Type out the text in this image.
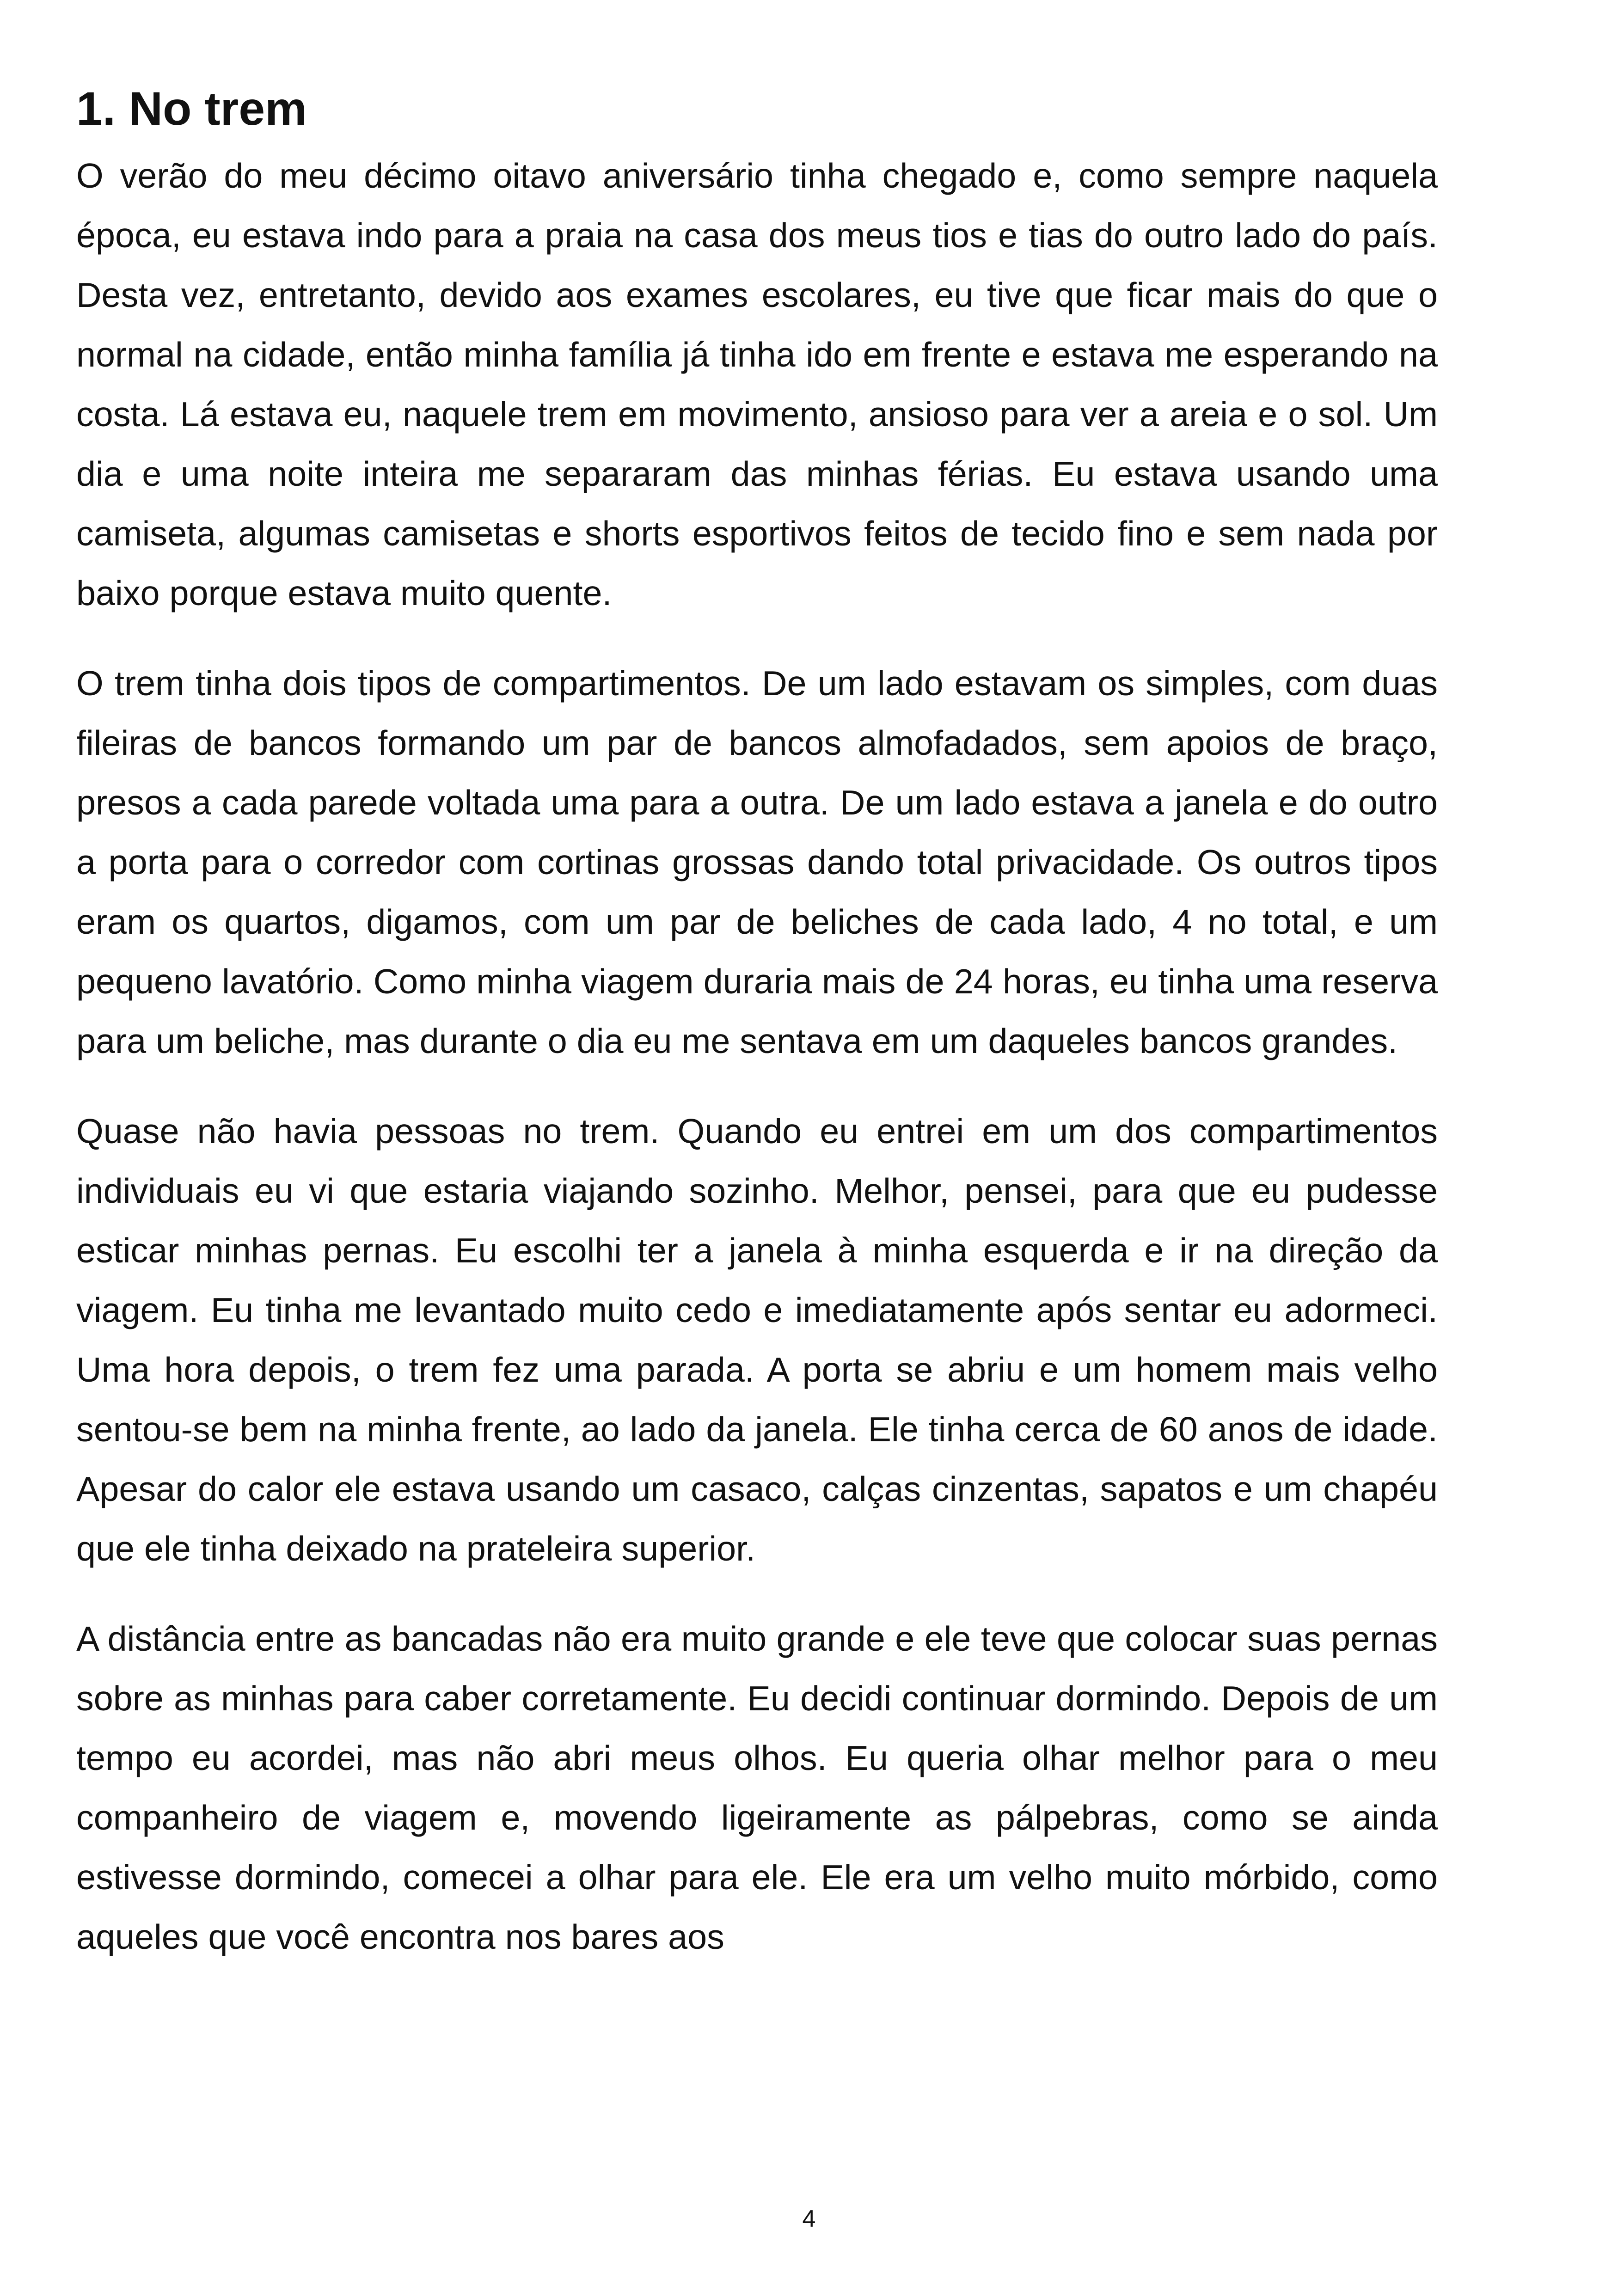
1. No trem

O verão do meu décimo oitavo aniversário tinha chegado e, como sempre naquela época, eu estava indo para a praia na casa dos meus tios e tias do outro lado do país. Desta vez, entretanto, devido aos exames escolares, eu tive que ficar mais do que o normal na cidade, então minha família já tinha ido em frente e estava me esperando na costa. Lá estava eu, naquele trem em movimento, ansioso para ver a areia e o sol. Um dia e uma noite inteira me separaram das minhas férias. Eu estava usando uma camiseta, algumas camisetas e shorts esportivos feitos de tecido fino e sem nada por baixo porque estava muito quente.

O trem tinha dois tipos de compartimentos. De um lado estavam os simples, com duas fileiras de bancos formando um par de bancos almofadados, sem apoios de braço, presos a cada parede voltada uma para a outra. De um lado estava a janela e do outro a porta para o corredor com cortinas grossas dando total privacidade. Os outros tipos eram os quartos, digamos, com um par de beliches de cada lado, 4 no total, e um pequeno lavatório. Como minha viagem duraria mais de 24 horas, eu tinha uma reserva para um beliche, mas durante o dia eu me sentava em um daqueles bancos grandes.

Quase não havia pessoas no trem. Quando eu entrei em um dos compartimentos individuais eu vi que estaria viajando sozinho. Melhor, pensei, para que eu pudesse esticar minhas pernas. Eu escolhi ter a janela à minha esquerda e ir na direção da viagem. Eu tinha me levantado muito cedo e imediatamente após sentar eu adormeci. Uma hora depois, o trem fez uma parada. A porta se abriu e um homem mais velho sentou-se bem na minha frente, ao lado da janela. Ele tinha cerca de 60 anos de idade. Apesar do calor ele estava usando um casaco, calças cinzentas, sapatos e um chapéu que ele tinha deixado na prateleira superior.

A distância entre as bancadas não era muito grande e ele teve que colocar suas pernas sobre as minhas para caber corretamente. Eu decidi continuar dormindo. Depois de um tempo eu acordei, mas não abri meus olhos. Eu queria olhar melhor para o meu companheiro de viagem e, movendo ligeiramente as pálpebras, como se ainda estivesse dormindo, comecei a olhar para ele. Ele era um velho muito mórbido, como aqueles que você encontra nos bares aos

4
